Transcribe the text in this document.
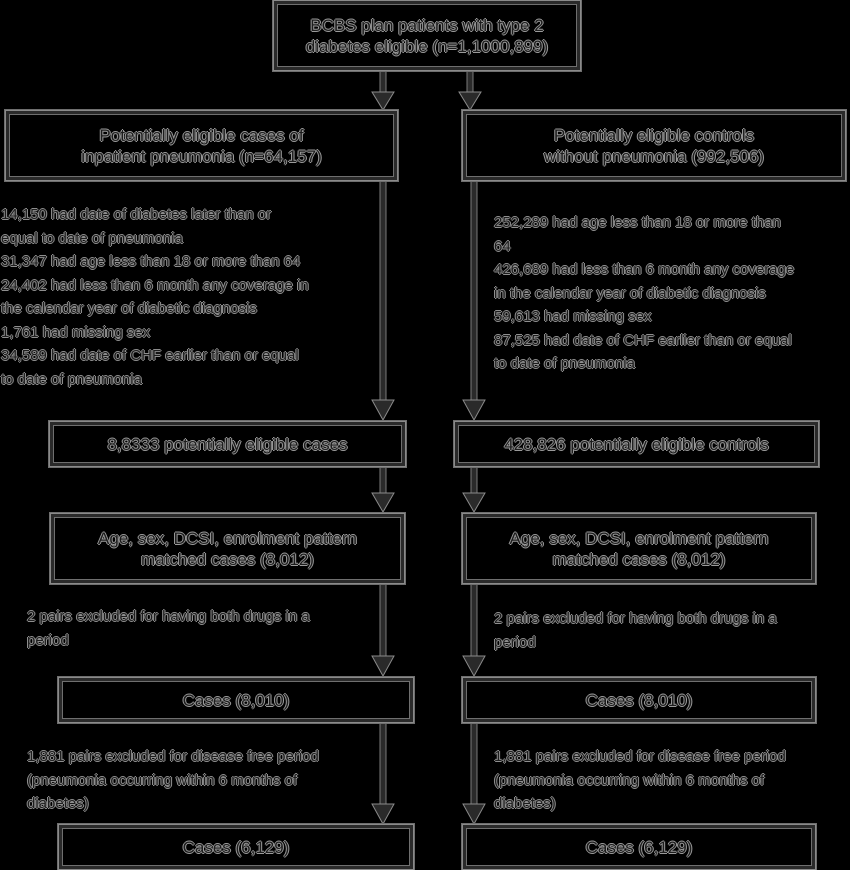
BCBS plan patients with type 2
diabetes eligible (n=1,1000,899)
Potentially eligible cases of
inpatient pneumonia (n=64,157)
Potentially eligible controls
without pneumonia (992,506)
14,150 had date of diabetes later than or
equal to date of pneumonia
31,347 had age less than 18 or more than 64
24,402 had less than 6 month any coverage in
the calendar year of diabetic diagnosis
1,761 had missing sex
34,589 had date of CHF earlier than or equal
to date of pneumonia
252,289 had age less than 18 or more than
64
426,689 had less than 6 month any coverage
in the calendar year of diabetic diagnosis
59,613 had missing sex
87,525 had date of CHF earlier than or equal
to date of pneumonia
8,8333 potentially eligible cases	428,826 potentially eligible controls
Age, sex, DCSI, enrolment pattern
matched cases (8,012)
Age, sex, DCSI, enrolment pattern
matched cases (8,012)
2 pairs excluded for having both drugs in a
period
2 pairs excluded for having both drugs in a
period
Cases (8,010)	Cases (8,010)
1,881 pairs excluded for disease free period
(pneumonia occurring within 6 months of
diabetes)
1,881 pairs excluded for disease free period
(pneumonia occurring within 6 months of
diabetes)
Cases (6,129)	Cases (6,129)
